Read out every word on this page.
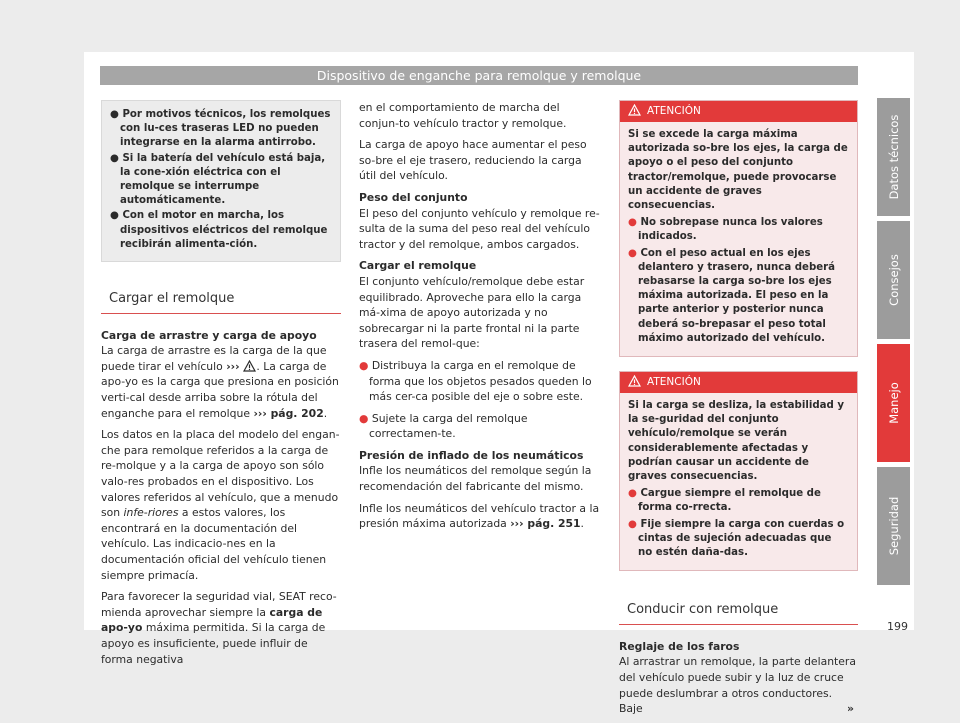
Dispositivo de enganche para remolque y remolque
● Por motivos técnicos, los remolques con lu-ces traseras LED no pueden integrarse en la alarma antirrobo.
● Si la batería del vehículo está baja, la cone-xión eléctrica con el remolque se interrumpe automáticamente.
● Con el motor en marcha, los dispositivos eléctricos del remolque recibirán alimenta-ción.
Cargar el remolque

Carga de arrastre y carga de apoyo

La carga de arrastre es la carga de la que puede tirar el vehículo ››› . La carga de apo-yo es la carga que presiona en posición verti-cal desde arriba sobre la rótula del enganche para el remolque ››› pág. 202.

Los datos en la placa del modelo del engan-che para remolque referidos a la carga de re-molque y a la carga de apoyo son sólo valo-res probados en el dispositivo. Los valores referidos al vehículo, que a menudo son infe-riores a estos valores, los encontrará en la documentación del vehículo. Las indicacio-nes en la documentación oficial del vehículo tienen siempre primacía.

Para favorecer la seguridad vial, SEAT reco-mienda aprovechar siempre la carga de apo-yo máxima permitida. Si la carga de apoyo es insuficiente, puede influir de forma negativa

en el comportamiento de marcha del conjun-to vehículo tractor y remolque.

La carga de apoyo hace aumentar el peso so-bre el eje trasero, reduciendo la carga útil del vehículo.

Peso del conjunto

El peso del conjunto vehículo y remolque re-sulta de la suma del peso real del vehículo tractor y del remolque, ambos cargados.

Cargar el remolque

El conjunto vehículo/remolque debe estar equilibrado. Aproveche para ello la carga má-xima de apoyo autorizada y no sobrecargar ni la parte frontal ni la parte trasera del remol-que:

● Distribuya la carga en el remolque de forma que los objetos pesados queden lo más cer-ca posible del eje o sobre este.
● Sujete la carga del remolque correctamen-te.

Presión de inflado de los neumáticos

Infle los neumáticos del remolque según la recomendación del fabricante del mismo.

Infle los neumáticos del vehículo tractor a la presión máxima autorizada ››› pág. 251.

ATENCIÓN

Si se excede la carga máxima autorizada so-bre los ejes, la carga de apoyo o el peso del conjunto tractor/remolque, puede provocarse un accidente de graves consecuencias.

● No sobrepase nunca los valores indicados.
● Con el peso actual en los ejes delantero y trasero, nunca deberá rebasarse la carga so-bre los ejes máxima autorizada. El peso en la parte anterior y posterior nunca deberá so-brepasar el peso total máximo autorizado del vehículo.
ATENCIÓN

Si la carga se desliza, la estabilidad y la se-guridad del conjunto vehículo/remolque se verán considerablemente afectadas y podrían causar un accidente de graves consecuencias.

● Cargue siempre el remolque de forma co-rrecta.
● Fije siempre la carga con cuerdas o cintas de sujeción adecuadas que no estén daña-das.
Conducir con remolque

Reglaje de los faros

Al arrastrar un remolque, la parte delantera del vehículo puede subir y la luz de cruce puede deslumbrar a otros conductores. Baje	»

Datos técnicos
Consejos
Manejo
Seguridad
199
